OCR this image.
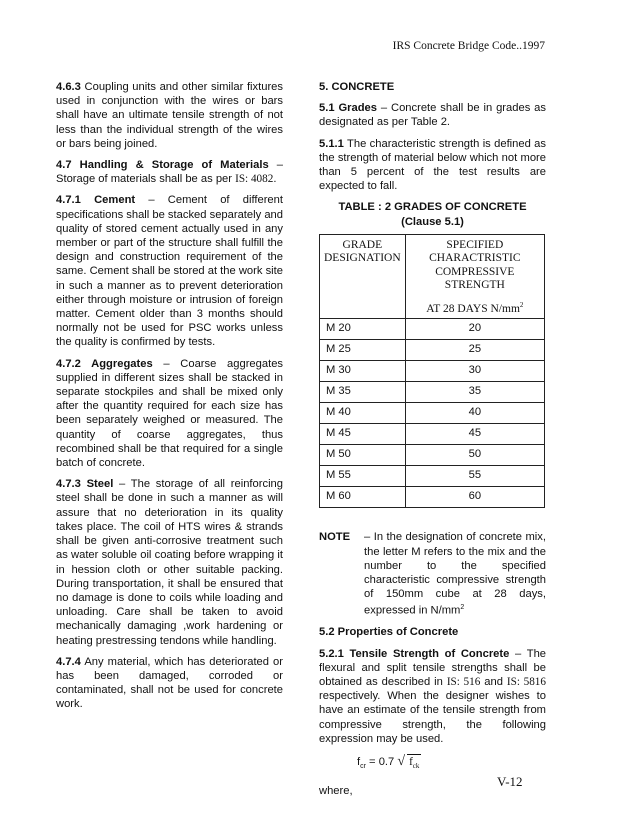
IRS Concrete Bridge Code..1997

4.6.3 Coupling units and other similar fixtures used in conjunction with the wires or bars shall have an ultimate tensile strength of not less than the individual strength of the wires or bars being joined.

4.7 Handling & Storage of Materials – Storage of materials shall be as per IS: 4082.

4.7.1 Cement – Cement of different specifications shall be stacked separately and quality of stored cement actually used in any member or part of the structure shall fulfill the design and construction requirement of the same. Cement shall be stored at the work site in such a manner as to prevent deterioration either through moisture or intrusion of foreign matter. Cement older than 3 months should normally not be used for PSC works unless the quality is confirmed by tests.

4.7.2 Aggregates – Coarse aggregates supplied in different sizes shall be stacked in separate stockpiles and shall be mixed only after the quantity required for each size has been separately weighed or measured. The quantity of coarse aggregates, thus recombined shall be that required for a single batch of concrete.

4.7.3 Steel – The storage of all reinforcing steel shall be done in such a manner as will assure that no deterioration in its quality takes place. The coil of HTS wires & strands shall be given anti-corrosive treatment such as water soluble oil coating before wrapping it in hession cloth or other suitable packing. During transportation, it shall be ensured that no damage is done to coils while loading and unloading. Care shall be taken to avoid mechanically damaging ,work hardening or heating prestressing tendons while handling.

4.7.4 Any material, which has deteriorated or has been damaged, corroded or contaminated, shall not be used for concrete work.

5. CONCRETE

5.1 Grades – Concrete shall be in grades as designated as per Table 2.

5.1.1 The characteristic strength is defined as the strength of material below which not more than 5 percent of the test results are expected to fall.

TABLE : 2 GRADES OF CONCRETE
(Clause 5.1)
GRADE DESIGNATION	SPECIFIED CHARACTRISTIC COMPRESSIVE STRENGTH
AT 28 DAYS $N/mm^2$

M 20	20
M 25	25
M 30	30
M 35	35
M 40	40
M 45	45
M 50	50
M 55	55
M 60	60
NOTE – In the designation of concrete mix, the letter M refers to the mix and the number to the specified characteristic compressive strength of 150mm cube at 28 days, expressed in $N/mm^2$
5.2 Properties of Concrete

5.2.1 Tensile Strength of Concrete – The flexural and split tensile strengths shall be obtained as described in IS: 516 and IS: 5816 respectively. When the designer wishes to have an estimate of the tensile strength from compressive strength, the following expression may be used.

$f_{cr} = 0.7$ √ $f_{ck}$
where,
V-12
